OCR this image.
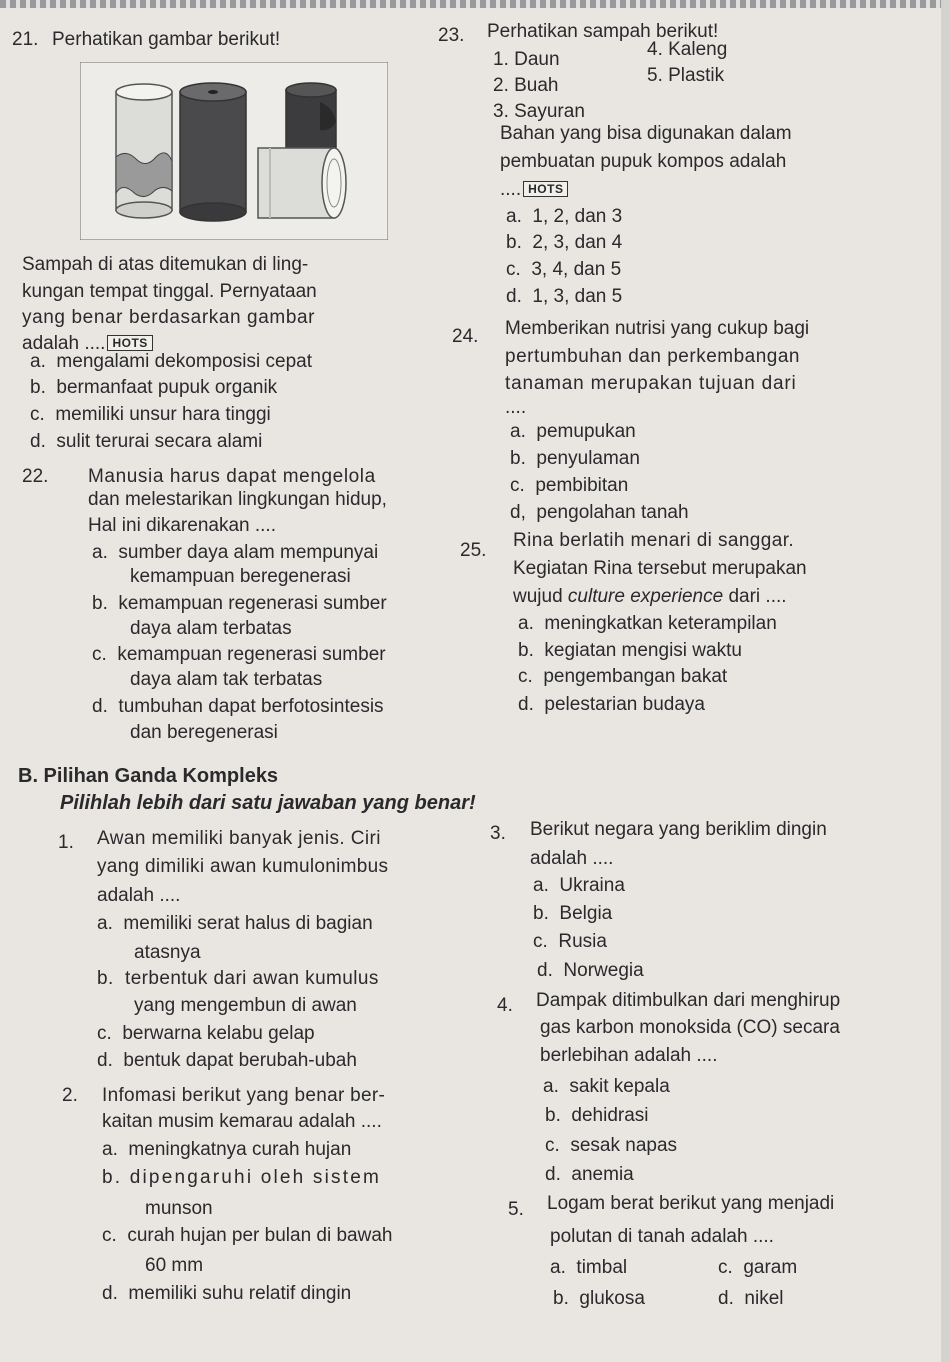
21. Perhatikan gambar berikut!
Sampah di atas ditemukan di ling-
kungan tempat tinggal. Pernyataan
yang benar berdasarkan gambar
adalah .... HOTS
a. mengalami dekomposisi cepat
b. bermanfaat pupuk organik
c. memiliki unsur hara tinggi
d. sulit terurai secara alami
22. Manusia harus dapat mengelola
dan melestarikan lingkungan hidup,
Hal ini dikarenakan ....
a. sumber daya alam mempunyai
kemampuan beregenerasi
b. kemampuan regenerasi sumber
daya alam terbatas
c. kemampuan regenerasi sumber
daya alam tak terbatas
d. tumbuhan dapat berfotosintesis
dan beregenerasi
23. Perhatikan sampah berikut!
1. Daun	4. Kaleng
2. Buah	5. Plastik
3. Sayuran
Bahan yang bisa digunakan dalam
pembuatan pupuk kompos adalah
.... HOTS
a. 1, 2, dan 3
b. 2, 3, dan 4
c. 3, 4, dan 5
d. 1, 3, dan 5
24. Memberikan nutrisi yang cukup bagi
pertumbuhan dan perkembangan
tanaman merupakan tujuan dari
....
a. pemupukan
b. penyulaman
c. pembibitan
d, pengolahan tanah
25. Rina berlatih menari di sanggar.
Kegiatan Rina tersebut merupakan
wujud culture experience dari ....
a. meningkatkan keterampilan
b. kegiatan mengisi waktu
c. pengembangan bakat
d. pelestarian budaya
B. Pilihan Ganda Kompleks
Pilihlah lebih dari satu jawaban yang benar!
1. Awan memiliki banyak jenis. Ciri
yang dimiliki awan kumulonimbus
adalah ....
a. memiliki serat halus di bagian
atasnya
b. terbentuk dari awan kumulus
yang mengembun di awan
c. berwarna kelabu gelap
d. bentuk dapat berubah-ubah
2. Infomasi berikut yang benar ber-
kaitan musim kemarau adalah ....
a. meningkatnya curah hujan
b. dipengaruhi oleh sistem
munson
c. curah hujan per bulan di bawah
60 mm
d. memiliki suhu relatif dingin
3. Berikut negara yang beriklim dingin
adalah ....
a. Ukraina
b. Belgia
c. Rusia
d. Norwegia
4. Dampak ditimbulkan dari menghirup
gas karbon monoksida (CO) secara
berlebihan adalah ....
a. sakit kepala
b. dehidrasi
c. sesak napas
d. anemia
5. Logam berat berikut yang menjadi
polutan di tanah adalah ....
a. timbal	c. garam
b. glukosa	d. nikel
